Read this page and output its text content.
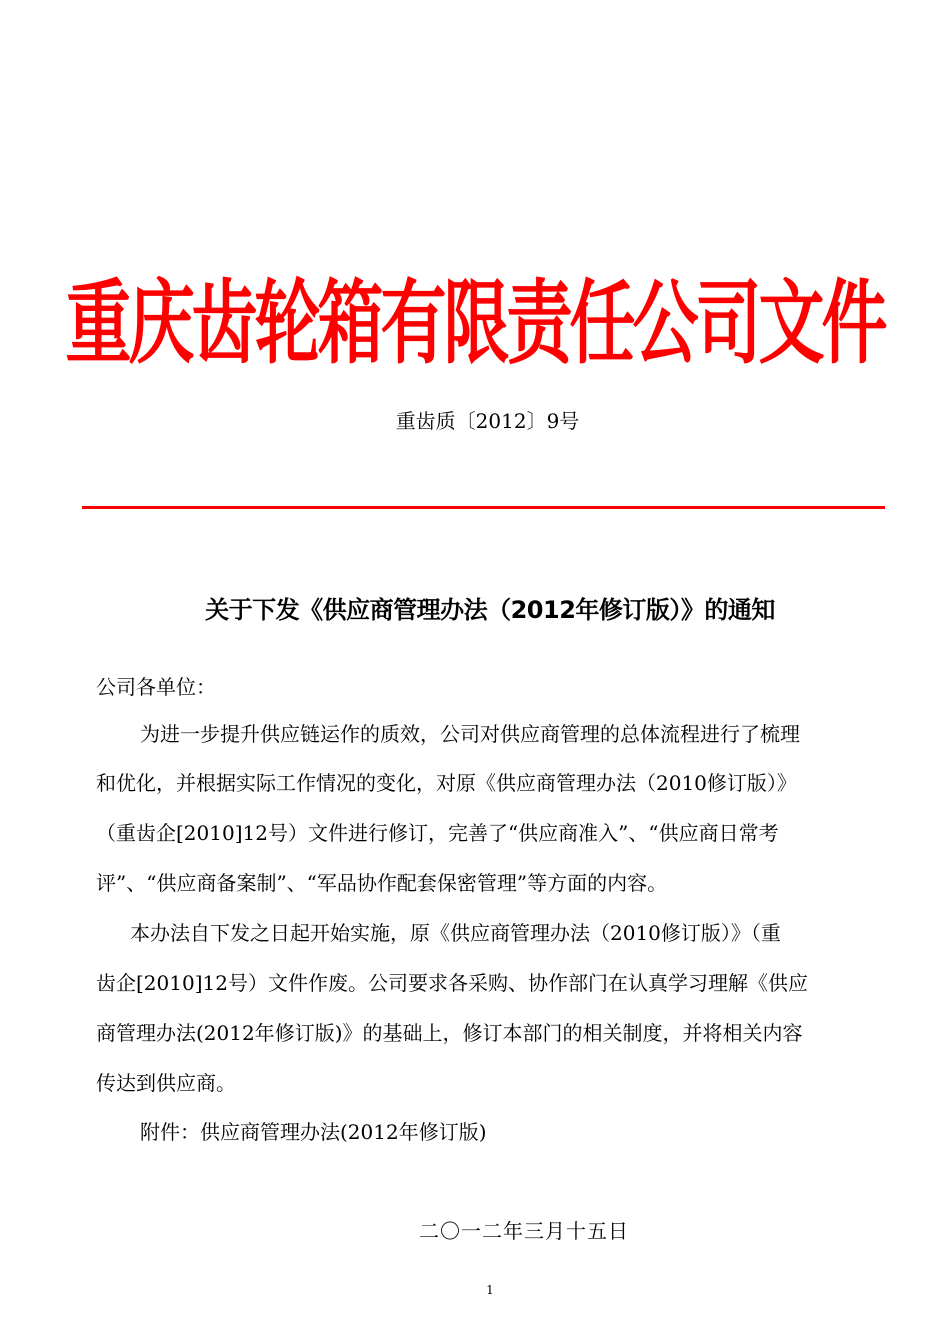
重庆齿轮箱有限责任公司文件
重齿质〔2012〕9号
关于下发《供应商管理办法（2012年修订版）》的通知
公司各单位：
为进一步提升供应链运作的质效，公司对供应商管理的总体流程进行了梳理
和优化，并根据实际工作情况的变化，对原《供应商管理办法（2010修订版）》
（重齿企[2010]12号）文件进行修订，完善了“供应商准入”、“供应商日常考
评”、“供应商备案制”、“军品协作配套保密管理”等方面的内容。
本办法自下发之日起开始实施，原《供应商管理办法（2010修订版）》（重
齿企[2010]12号）文件作废。公司要求各采购、协作部门在认真学习理解《供应
商管理办法(2012年修订版)》的基础上，修订本部门的相关制度，并将相关内容
传达到供应商。
附件：供应商管理办法(2012年修订版)
二〇一二年三月十五日
1
